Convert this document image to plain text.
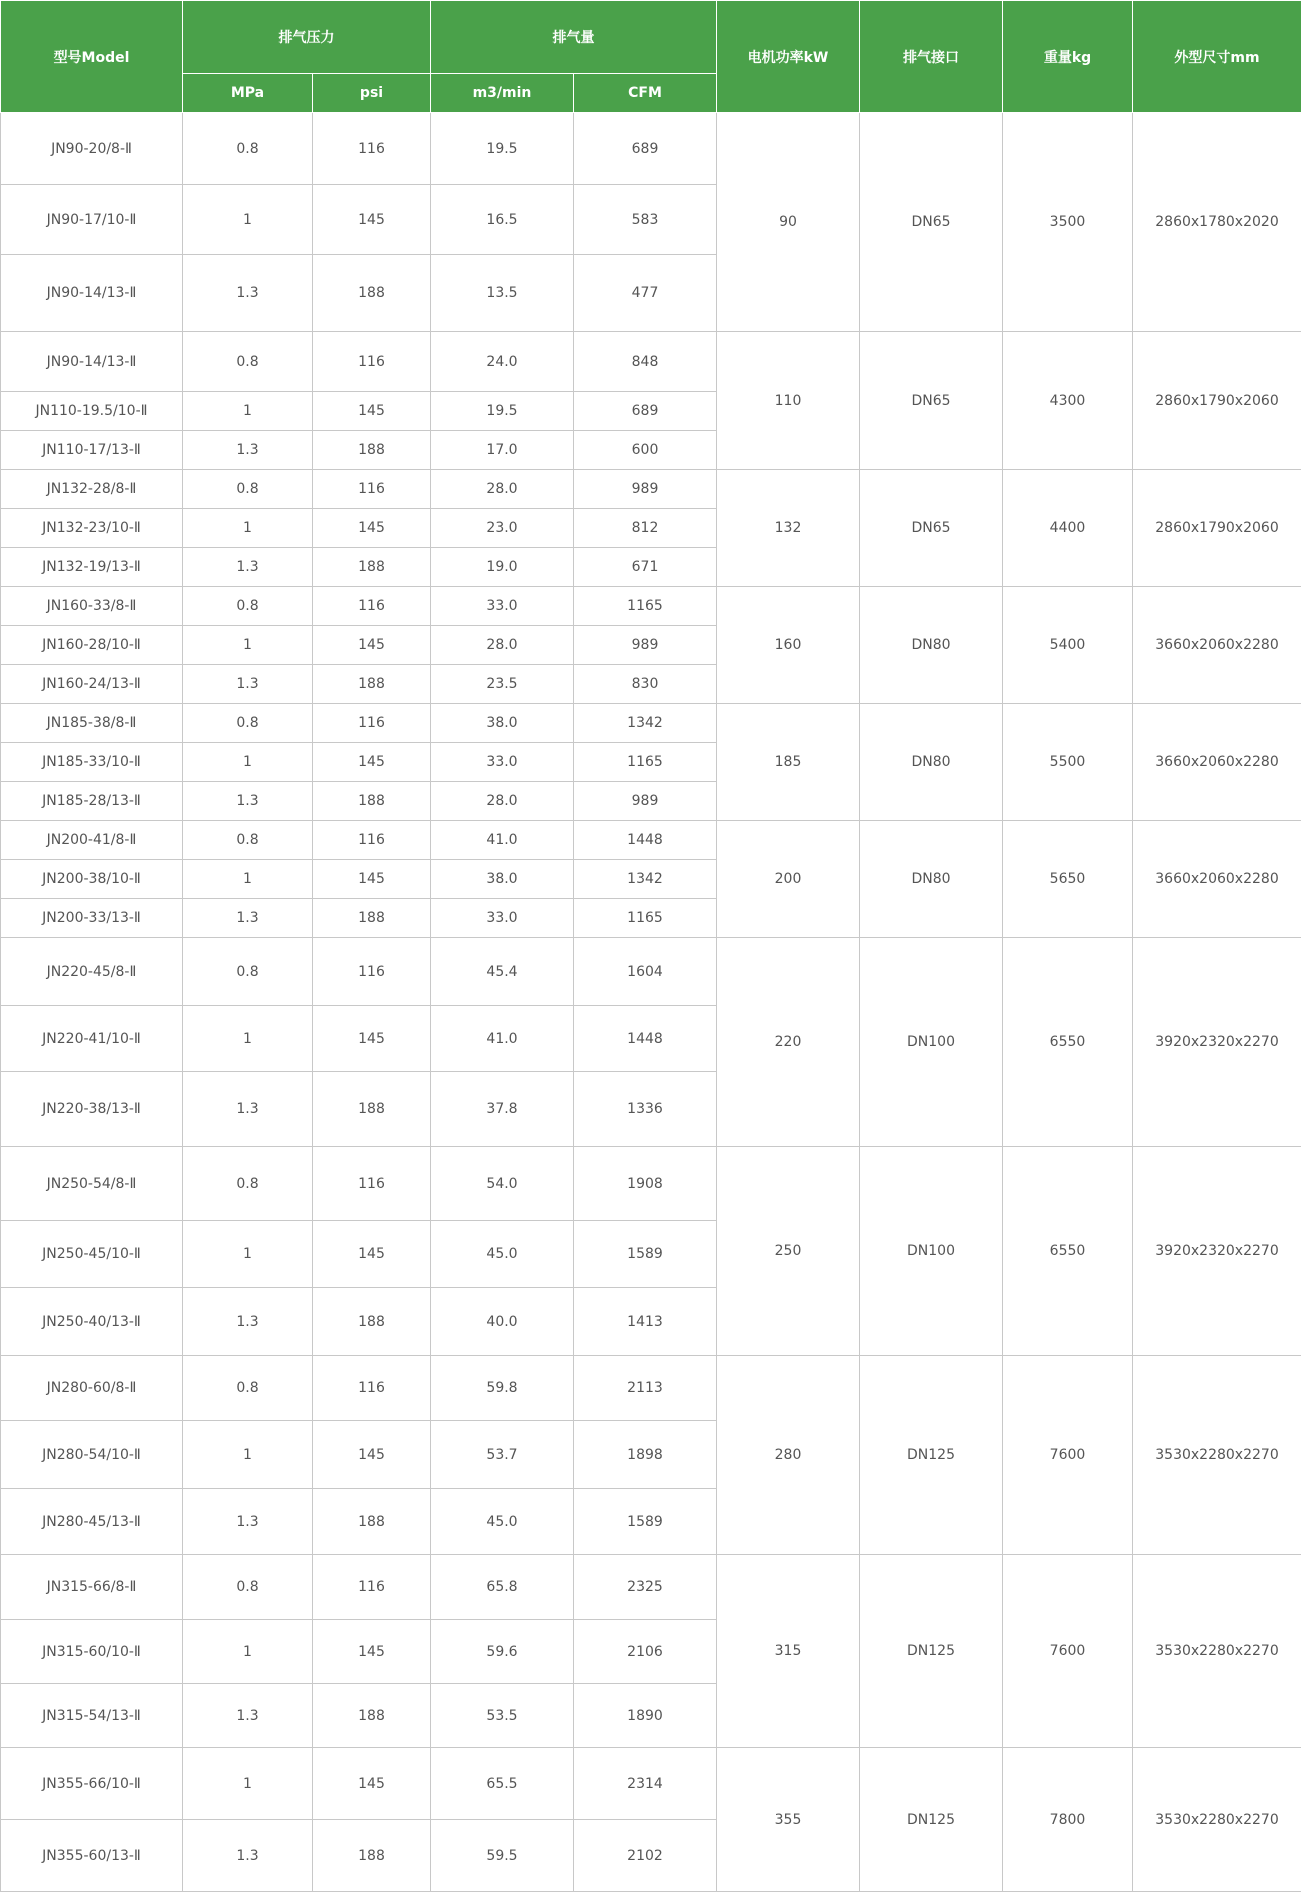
型号Model	排气压力		排气量		电机功率kW	排气接口	重量kg	外型尺寸mm
	MPa	psi	m3/min	CFM				
JN90-20/8-Ⅱ	0.8	116	19.5	689	90	DN65	3500	2860x1780x2020
JN90-17/10-Ⅱ	1	145	16.5	583				
JN90-14/13-Ⅱ	1.3	188	13.5	477				
JN90-14/13-Ⅱ	0.8	116	24.0	848	110	DN65	4300	2860x1790x2060
JN110-19.5/10-Ⅱ	1	145	19.5	689				
JN110-17/13-Ⅱ	1.3	188	17.0	600				
JN132-28/8-Ⅱ	0.8	116	28.0	989	132	DN65	4400	2860x1790x2060
JN132-23/10-Ⅱ	1	145	23.0	812				
JN132-19/13-Ⅱ	1.3	188	19.0	671				
JN160-33/8-Ⅱ	0.8	116	33.0	1165	160	DN80	5400	3660x2060x2280
JN160-28/10-Ⅱ	1	145	28.0	989				
JN160-24/13-Ⅱ	1.3	188	23.5	830				
JN185-38/8-Ⅱ	0.8	116	38.0	1342	185	DN80	5500	3660x2060x2280
JN185-33/10-Ⅱ	1	145	33.0	1165				
JN185-28/13-Ⅱ	1.3	188	28.0	989				
JN200-41/8-Ⅱ	0.8	116	41.0	1448	200	DN80	5650	3660x2060x2280
JN200-38/10-Ⅱ	1	145	38.0	1342				
JN200-33/13-Ⅱ	1.3	188	33.0	1165				
JN220-45/8-Ⅱ	0.8	116	45.4	1604	220	DN100	6550	3920x2320x2270
JN220-41/10-Ⅱ	1	145	41.0	1448				
JN220-38/13-Ⅱ	1.3	188	37.8	1336				
JN250-54/8-Ⅱ	0.8	116	54.0	1908	250	DN100	6550	3920x2320x2270
JN250-45/10-Ⅱ	1	145	45.0	1589				
JN250-40/13-Ⅱ	1.3	188	40.0	1413				
JN280-60/8-Ⅱ	0.8	116	59.8	2113	280	DN125	7600	3530x2280x2270
JN280-54/10-Ⅱ	1	145	53.7	1898				
JN280-45/13-Ⅱ	1.3	188	45.0	1589				
JN315-66/8-Ⅱ	0.8	116	65.8	2325	315	DN125	7600	3530x2280x2270
JN315-60/10-Ⅱ	1	145	59.6	2106				
JN315-54/13-Ⅱ	1.3	188	53.5	1890				
JN355-66/10-Ⅱ	1	145	65.5	2314	355	DN125	7800	3530x2280x2270
JN355-60/13-Ⅱ	1.3	188	59.5	2102				
